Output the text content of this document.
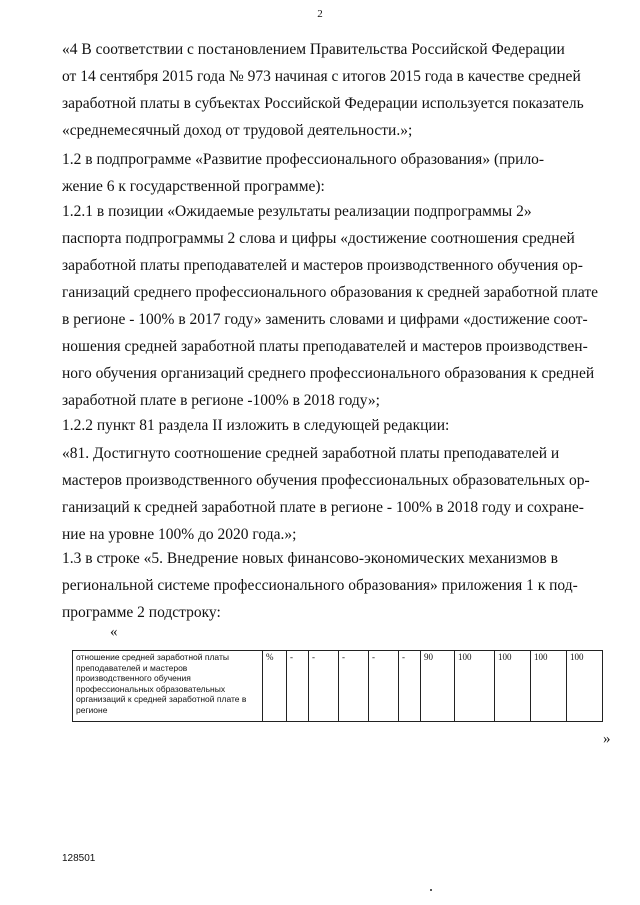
2
«4 В соответствии с постановлением Правительства Российской Федерации
от 14 сентября 2015 года № 973 начиная с итогов 2015 года в качестве средней
заработной платы в субъектах Российской Федерации используется показатель
«среднемесячный доход от трудовой деятельности.»;
1.2 в подпрограмме «Развитие профессионального образования» (прило-
жение 6 к государственной программе):
1.2.1 в позиции «Ожидаемые результаты реализации подпрограммы 2»
паспорта подпрограммы 2 слова и цифры «достижение соотношения средней
заработной платы преподавателей и мастеров производственного обучения ор-
ганизаций среднего профессионального образования к средней заработной плате
в регионе - 100% в 2017 году» заменить словами и цифрами «достижение соот-
ношения средней заработной платы преподавателей и мастеров производствен-
ного обучения организаций среднего профессионального образования к средней
заработной плате в регионе -100% в 2018 году»;
1.2.2 пункт 81 раздела II изложить в следующей редакции:
«81. Достигнуто соотношение средней заработной платы преподавателей и
мастеров производственного обучения профессиональных образовательных ор-
ганизаций к средней заработной плате в регионе - 100% в 2018 году и сохране-
ние на уровне 100% до 2020 года.»;
1.3 в строке «5. Внедрение новых финансово-экономических механизмов в
региональной системе профессионального образования» приложения 1 к под-
программе 2 подстроку:
«
отношение средней заработной платы преподавателей и мастеров производственного обучения профессиональных образовательных организаций к средней заработной плате в регионе	%	-	-	-	-	-	90	100	100	100	100
»
128501
